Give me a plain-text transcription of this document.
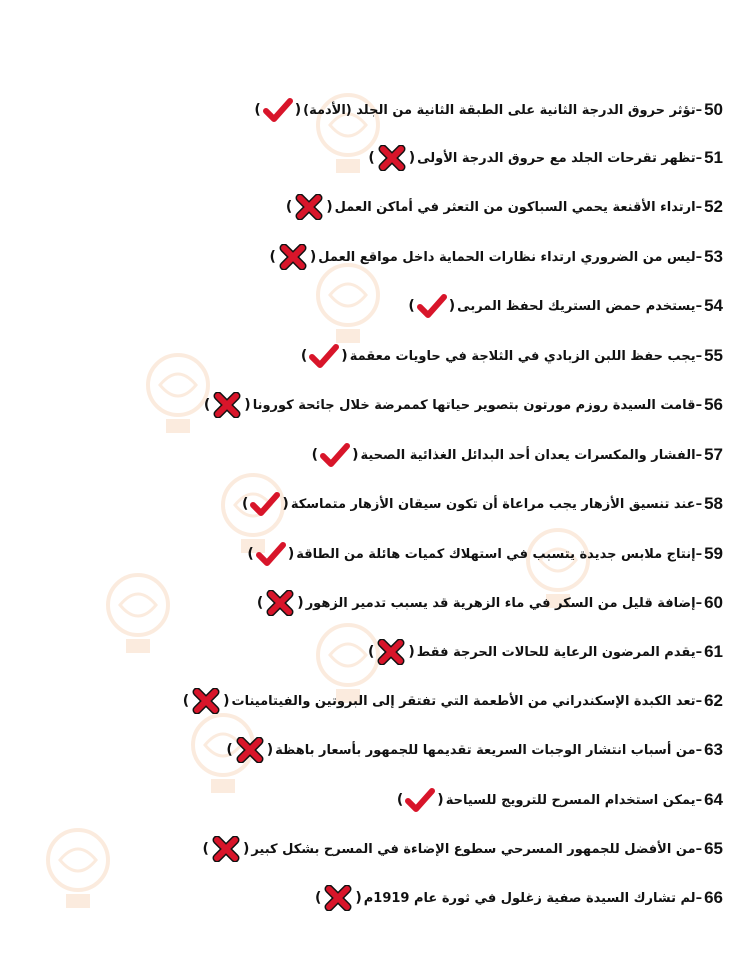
50
–
تؤثر حروق الدرجة الثانية على الطبقة الثانية من الجلد (الأدمة)
(
)
51
–
تظهر تقرحات الجلد مع حروق الدرجة الأولى
(
)
52
–
ارتداء الأقنعة يحمي السباكون من التعثر في أماكن العمل
(
)
53
–
ليس من الضروري ارتداء نظارات الحماية داخل مواقع العمل
(
)
54
–
يستخدم حمض الستريك لحفظ المربى
(
)
55
–
يجب حفظ اللبن الزبادي في الثلاجة في حاويات معقمة
(
)
56
–
قامت السيدة روزم مورتون بتصوير حياتها كممرضة خلال جائحة كورونا
(
)
57
–
الفشار والمكسرات يعدان أحد البدائل الغذائية الصحية
(
)
58
–
عند تنسيق الأزهار يجب مراعاة أن تكون سيقان الأزهار متماسكة
(
)
59
–
إنتاج ملابس جديدة يتسبب في استهلاك كميات هائلة من الطاقة
(
)
60
–
إضافة قليل من السكر في ماء الزهرية قد يسبب تدمير الزهور
(
)
61
–
يقدم المرضون الرعاية للحالات الحرجة فقط
(
)
62
–
تعد الكبدة الإسكندراني من الأطعمة التي تفتقر إلى البروتين والفيتامينات
(
)
63
–
من أسباب انتشار الوجبات السريعة تقديمها للجمهور بأسعار باهظة
(
)
64
–
يمكن استخدام المسرح للترويج للسياحة
(
)
65
–
من الأفضل للجمهور المسرحي سطوع الإضاءة في المسرح بشكل كبير
(
)
66
–
لم تشارك السيدة صفية زغلول في ثورة عام 1919م
(
)
